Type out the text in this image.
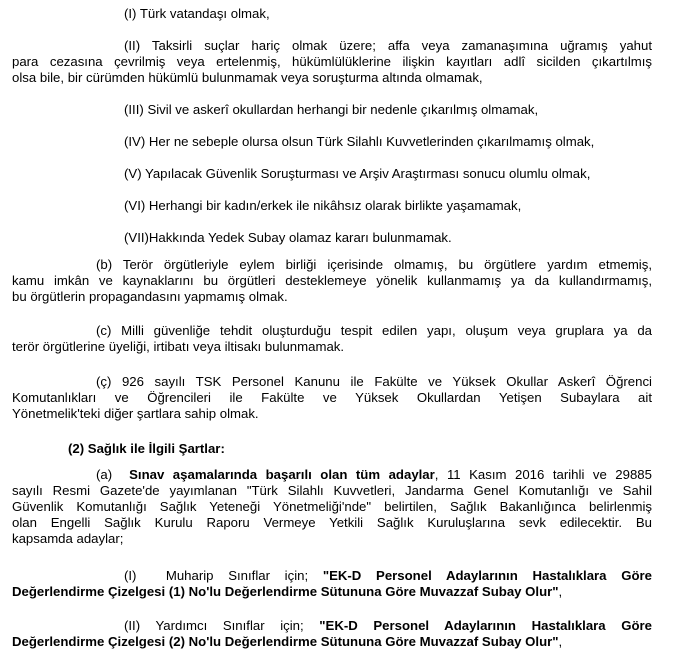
(I) Türk vatandaşı olmak,
(II) Taksirli suçlar hariç olmak üzere; affa veya zamanaşımına uğramış yahut
para cezasına çevrilmiş veya ertelenmiş, hükümlülüklerine ilişkin kayıtları adlî sicilden çıkartılmış
olsa bile, bir cürümden hükümlü bulunmamak veya soruşturma altında olmamak,
(III) Sivil ve askerî okullardan herhangi bir nedenle çıkarılmış olmamak,
(IV) Her ne sebeple olursa olsun Türk Silahlı Kuvvetlerinden çıkarılmamış olmak,
(V) Yapılacak Güvenlik Soruşturması ve Arşiv Araştırması sonucu olumlu olmak,
(VI) Herhangi bir kadın/erkek ile nikâhsız olarak birlikte yaşamamak,
(VII)Hakkında Yedek Subay olamaz kararı bulunmamak.
(b) Terör örgütleriyle eylem birliği içerisinde olmamış, bu örgütlere yardım etmemiş,
kamu imkân ve kaynaklarını bu örgütleri desteklemeye yönelik kullanmamış ya da kullandırmamış,
bu örgütlerin propagandasını yapmamış olmak.
(c) Milli güvenliğe tehdit oluşturduğu tespit edilen yapı, oluşum veya gruplara ya da
terör örgütlerine üyeliği, irtibatı veya iltisakı bulunmamak.
(ç) 926 sayılı TSK Personel Kanunu ile Fakülte ve Yüksek Okullar Askerî Öğrenci
Komutanlıkları ve Öğrencileri ile Fakülte ve Yüksek Okullardan Yetişen Subaylara ait
Yönetmelik'teki diğer şartlara sahip olmak.
(2) Sağlık ile İlgili Şartlar:
(a)  Sınav aşamalarında başarılı olan tüm adaylar, 11 Kasım 2016 tarihli ve 29885
sayılı Resmi Gazete'de yayımlanan "Türk Silahlı Kuvvetleri, Jandarma Genel Komutanlığı ve Sahil
Güvenlik Komutanlığı Sağlık Yeteneği Yönetmeliği'nde" belirtilen, Sağlık Bakanlığınca belirlenmiş
olan Engelli Sağlık Kurulu Raporu Vermeye Yetkili Sağlık Kuruluşlarına sevk edilecektir. Bu
kapsamda adaylar;
(I)  Muharip Sınıflar için; "EK-D Personel Adaylarının Hastalıklara Göre
Değerlendirme Çizelgesi (1) No'lu Değerlendirme Sütununa Göre Muvazzaf Subay Olur",
(II) Yardımcı Sınıflar için; "EK-D Personel Adaylarının Hastalıklara Göre
Değerlendirme Çizelgesi (2) No'lu Değerlendirme Sütununa Göre Muvazzaf Subay Olur",
